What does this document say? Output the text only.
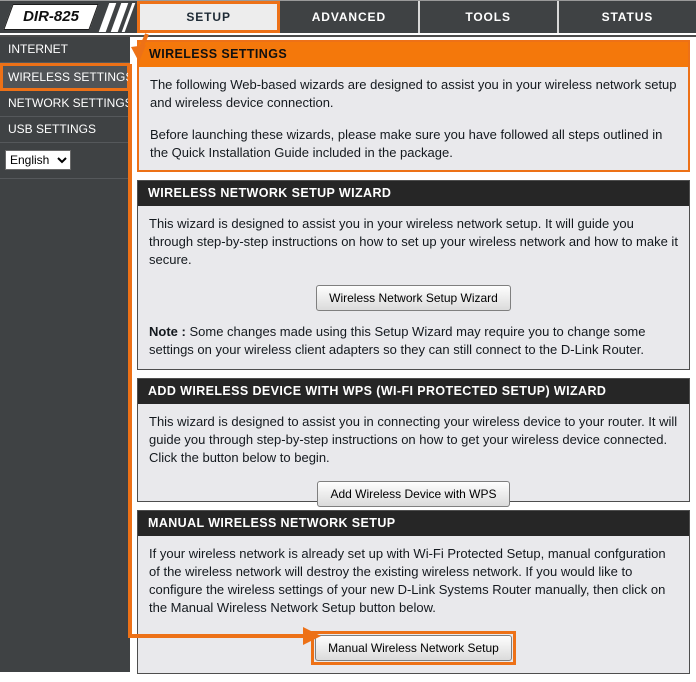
DIR-825	SETUP	ADVANCED	TOOLS	STATUS
INTERNET
WIRELESS SETTINGS
NETWORK SETTINGS
USB SETTINGS
English
WIRELESS SETTINGS

The following Web-based wizards are designed to assist you in your wireless network setup and wireless device connection.

Before launching these wizards, please make sure you have followed all steps outlined in the Quick Installation Guide included in the package.

WIRELESS NETWORK SETUP WIZARD

This wizard is designed to assist you in your wireless network setup. It will guide you through step-by-step instructions on how to set up your wireless network and how to make it secure.

Wireless Network Setup Wizard

Note : Some changes made using this Setup Wizard may require you to change some settings on your wireless client adapters so they can still connect to the D-Link Router.

ADD WIRELESS DEVICE WITH WPS (WI-FI PROTECTED SETUP) WIZARD

This wizard is designed to assist you in connecting your wireless device to your router. It will guide you through step-by-step instructions on how to get your wireless device connected. Click the button below to begin.

Add Wireless Device with WPS
MANUAL WIRELESS NETWORK SETUP

If your wireless network is already set up with Wi-Fi Protected Setup, manual confguration of the wireless network will destroy the existing wireless network. If you would like to configure the wireless settings of your new D-Link Systems Router manually, then click on the Manual Wireless Network Setup button below.

Manual Wireless Network Setup
